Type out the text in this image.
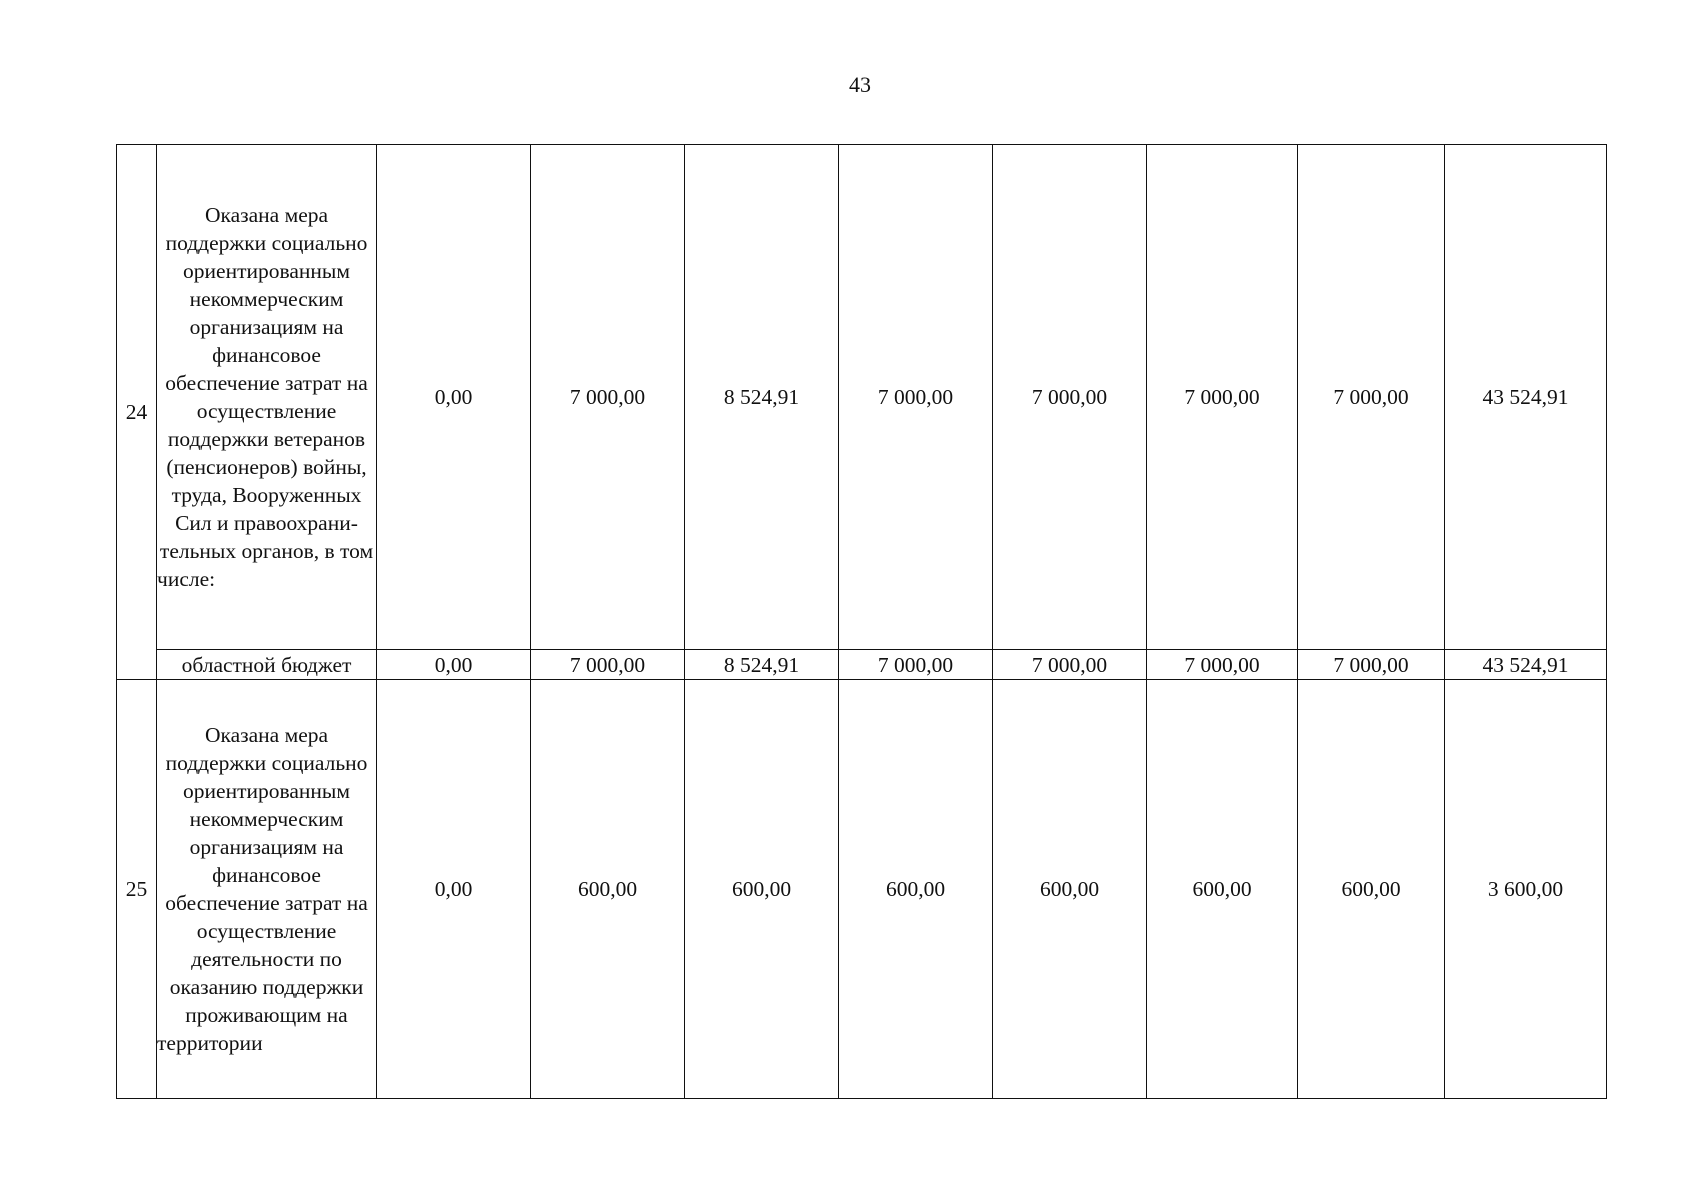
43
24	Оказана мера поддержки социально ориентированным некоммерческим организациям на финансовое обеспечение затрат на осуществление поддержки ветеранов (пенсионеров) войны, труда, Вооруженных Сил и правоохрани-тельных органов, в том числе:	0,00	7 000,00	8 524,91	7 000,00	7 000,00	7 000,00	7 000,00	43 524,91
	областной бюджет	0,00	7 000,00	8 524,91	7 000,00	7 000,00	7 000,00	7 000,00	43 524,91
25	Оказана мера поддержки социально ориентированным некоммерческим организациям на финансовое обеспечение затрат на осуществление деятельности по оказанию поддержки проживающим на территории	0,00	600,00	600,00	600,00	600,00	600,00	600,00	3 600,00
